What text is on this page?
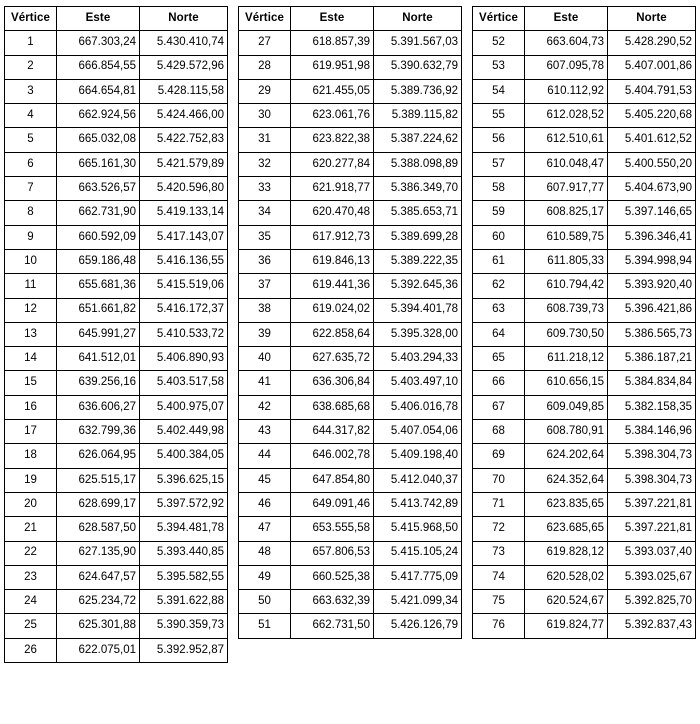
Vértice	Este	Norte
1	667.303,24	5.430.410,74
2	666.854,55	5.429.572,96
3	664.654,81	5.428.115,58
4	662.924,56	5.424.466,00
5	665.032,08	5.422.752,83
6	665.161,30	5.421.579,89
7	663.526,57	5.420.596,80
8	662.731,90	5.419.133,14
9	660.592,09	5.417.143,07
10	659.186,48	5.416.136,55
11	655.681,36	5.415.519,06
12	651.661,82	5.416.172,37
13	645.991,27	5.410.533,72
14	641.512,01	5.406.890,93
15	639.256,16	5.403.517,58
16	636.606,27	5.400.975,07
17	632.799,36	5.402.449,98
18	626.064,95	5.400.384,05
19	625.515,17	5.396.625,15
20	628.699,17	5.397.572,92
21	628.587,50	5.394.481,78
22	627.135,90	5.393.440,85
23	624.647,57	5.395.582,55
24	625.234,72	5.391.622,88
25	625.301,88	5.390.359,73
26	622.075,01	5.392.952,87
Vértice	Este	Norte
27	618.857,39	5.391.567,03
28	619.951,98	5.390.632,79
29	621.455,05	5.389.736,92
30	623.061,76	5.389.115,82
31	623.822,38	5.387.224,62
32	620.277,84	5.388.098,89
33	621.918,77	5.386.349,70
34	620.470,48	5.385.653,71
35	617.912,73	5.389.699,28
36	619.846,13	5.389.222,35
37	619.441,36	5.392.645,36
38	619.024,02	5.394.401,78
39	622.858,64	5.395.328,00
40	627.635,72	5.403.294,33
41	636.306,84	5.403.497,10
42	638.685,68	5.406.016,78
43	644.317,82	5.407.054,06
44	646.002,78	5.409.198,40
45	647.854,80	5.412.040,37
46	649.091,46	5.413.742,89
47	653.555,58	5.415.968,50
48	657.806,53	5.415.105,24
49	660.525,38	5.417.775,09
50	663.632,39	5.421.099,34
51	662.731,50	5.426.126,79
Vértice	Este	Norte
52	663.604,73	5.428.290,52
53	607.095,78	5.407.001,86
54	610.112,92	5.404.791,53
55	612.028,52	5.405.220,68
56	612.510,61	5.401.612,52
57	610.048,47	5.400.550,20
58	607.917,77	5.404.673,90
59	608.825,17	5.397.146,65
60	610.589,75	5.396.346,41
61	611.805,33	5.394.998,94
62	610.794,42	5.393.920,40
63	608.739,73	5.396.421,86
64	609.730,50	5.386.565,73
65	611.218,12	5.386.187,21
66	610.656,15	5.384.834,84
67	609.049,85	5.382.158,35
68	608.780,91	5.384.146,96
69	624.202,64	5.398.304,73
70	624.352,64	5.398.304,73
71	623.835,65	5.397.221,81
72	623.685,65	5.397.221,81
73	619.828,12	5.393.037,40
74	620.528,02	5.393.025,67
75	620.524,67	5.392.825,70
76	619.824,77	5.392.837,43
